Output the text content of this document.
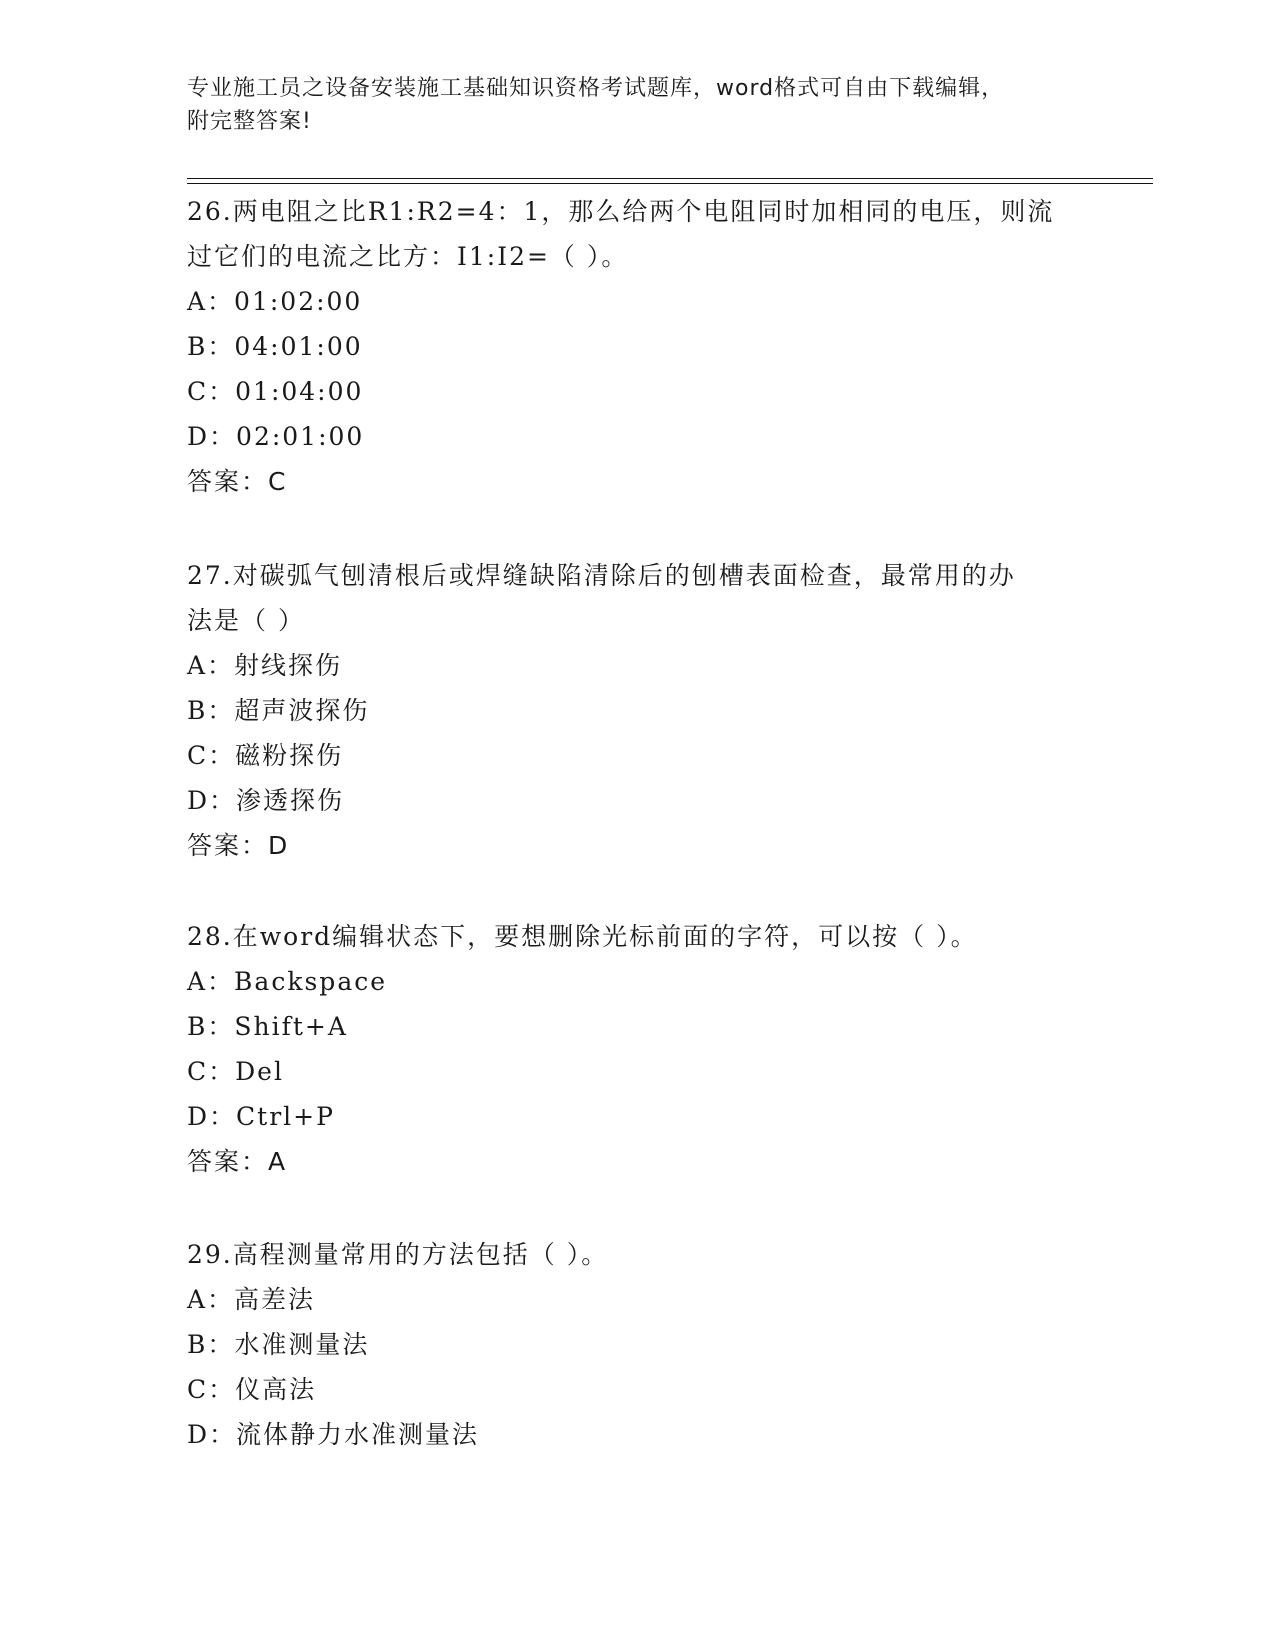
专业施工员之设备安装施工基础知识资格考试题库，word格式可自由下载编辑，
附完整答案!
26.两电阻之比R1:R2=4：1，那么给两个电阻同时加相同的电压，则流
过它们的电流之比方：I1:I2=（ ）。
A：01:02:00
B：04:01:00
C：01:04:00
D：02:01:00
答案：C
27.对碳弧气刨清根后或焊缝缺陷清除后的刨槽表面检查，最常用的办
法是（ ）
A：射线探伤
B：超声波探伤
C：磁粉探伤
D：渗透探伤
答案：D
28.在word编辑状态下，要想删除光标前面的字符，可以按（ ）。
A：Backspace
B：Shift+A
C：Del
D：Ctrl+P
答案：A
29.高程测量常用的方法包括（ ）。
A：高差法
B：水准测量法
C：仪高法
D：流体静力水准测量法
